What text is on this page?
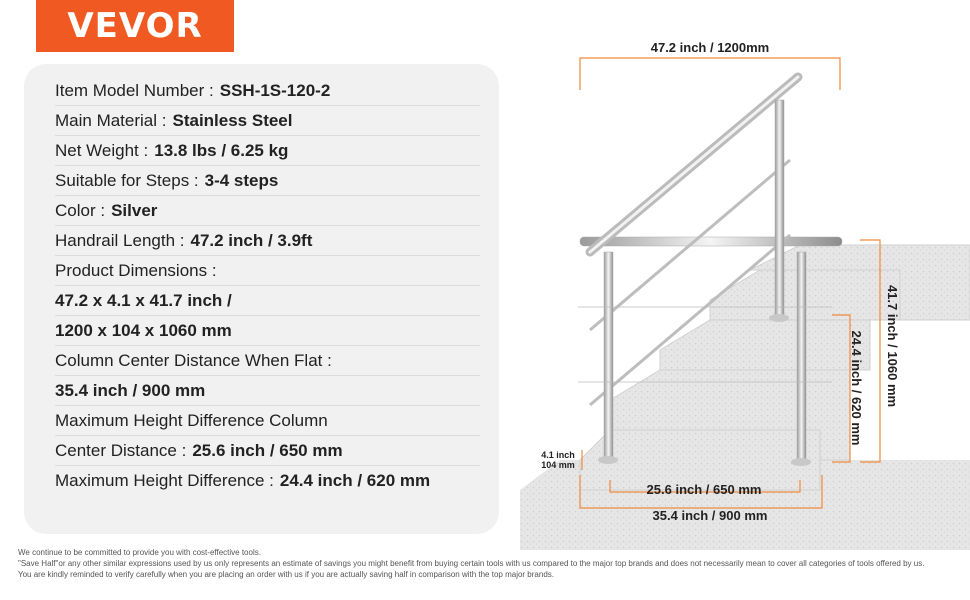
VEVOR
Item Model Number : SSH-1S-120-2
Main Material : Stainless Steel
Net Weight : 13.8 lbs / 6.25 kg
Suitable for Steps : 3-4 steps
Color : Silver
Handrail Length : 47.2 inch / 3.9ft
Product Dimensions :
47.2 x 4.1 x 41.7 inch /
1200 x 104 x 1060 mm
Column Center Distance When Flat :
35.4 inch / 900 mm
Maximum Height Difference Column
Center Distance : 25.6 inch / 650 mm
Maximum Height Difference : 24.4 inch / 620 mm
47.2 inch / 1200mm
41.7 inch / 1060 mm
24.4 inch / 620 mm
4.1 inch
104 mm
25.6 inch / 650 mm
35.4 inch / 900 mm

We continue to be committed to provide you with cost-effective tools.

"Save Half"or any other similar expressions used by us only represents an estimate of savings you might benefit from buying certain tools with us compared to the major top brands and does not necessarily mean to cover all categories of tools offered by us.

You are kindly reminded to verify carefully when you are placing an order with us if you are actually saving half in comparison with the top major brands.
